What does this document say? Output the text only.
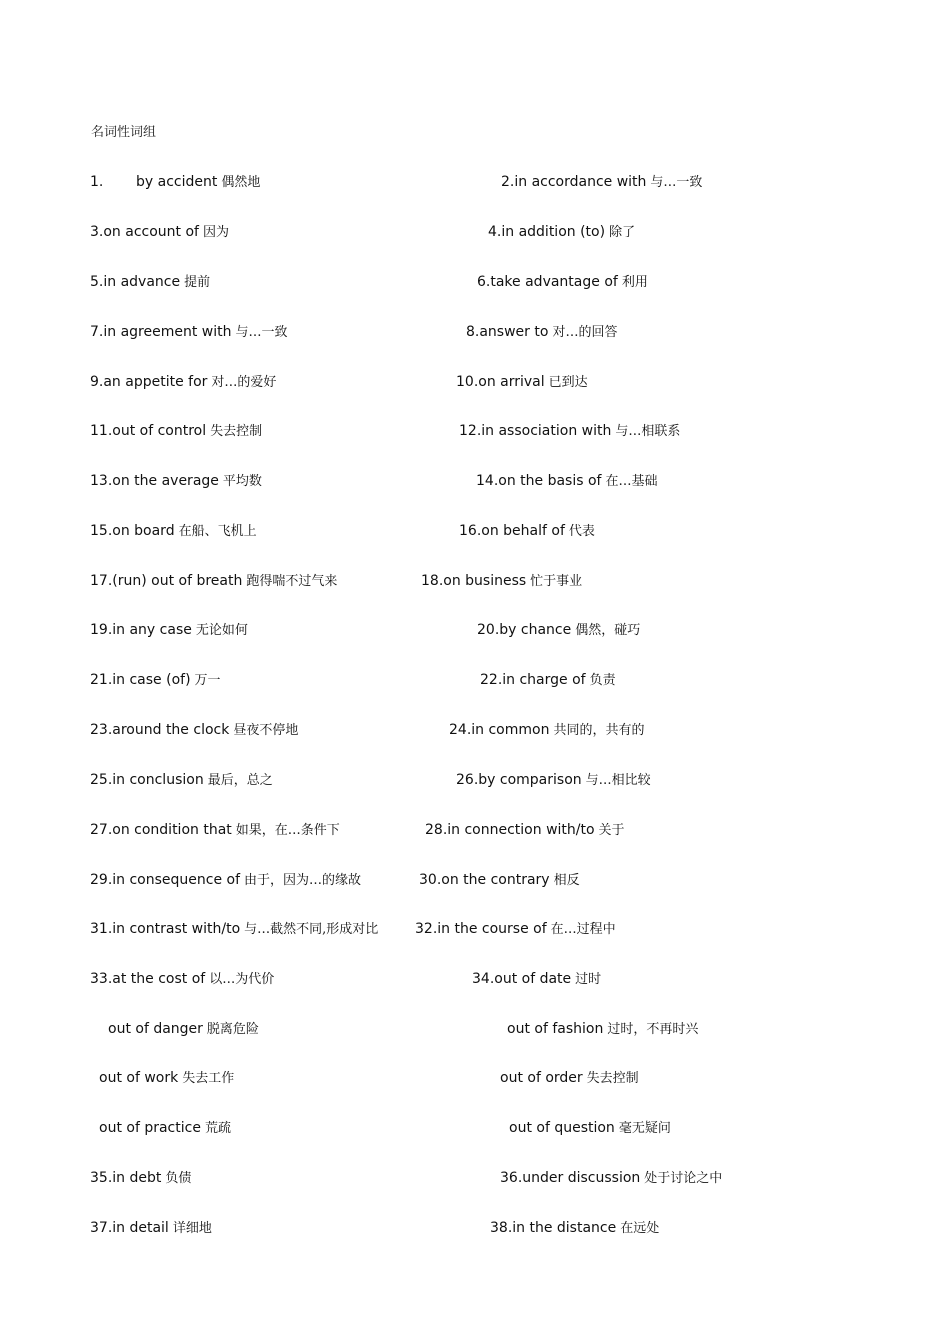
名词性词组
1. by accident 偶然地	2.in accordance with 与…一致
3.on account of 因为	4.in addition (to) 除了
5.in advance 提前	6.take advantage of 利用
7.in agreement with 与…一致	8.answer to 对…的回答
9.an appetite for 对…的爱好	10.on arrival 已到达
11.out of control 失去控制	12.in association with 与…相联系
13.on the average 平均数	14.on the basis of 在…基础
15.on board 在船、飞机上	16.on behalf of 代表
17.(run) out of breath 跑得喘不过气来	18.on business 忙于事业
19.in any case 无论如何	20.by chance 偶然，碰巧
21.in case (of) 万一	22.in charge of 负责
23.around the clock 昼夜不停地	24.in common 共同的，共有的
25.in conclusion 最后，总之	26.by comparison 与…相比较
27.on condition that 如果，在…条件下	28.in connection with/to 关于
29.in consequence of 由于，因为…的缘故	30.on the contrary 相反
31.in contrast with/to 与…截然不同,形成对比	32.in the course of 在…过程中
33.at the cost of 以…为代价	34.out of date 过时
out of danger 脱离危险	out of fashion 过时，不再时兴
out of work 失去工作	out of order 失去控制
out of practice 荒疏	out of question 毫无疑问
35.in debt 负债	36.under discussion 处于讨论之中
37.in detail 详细地	38.in the distance 在远处
